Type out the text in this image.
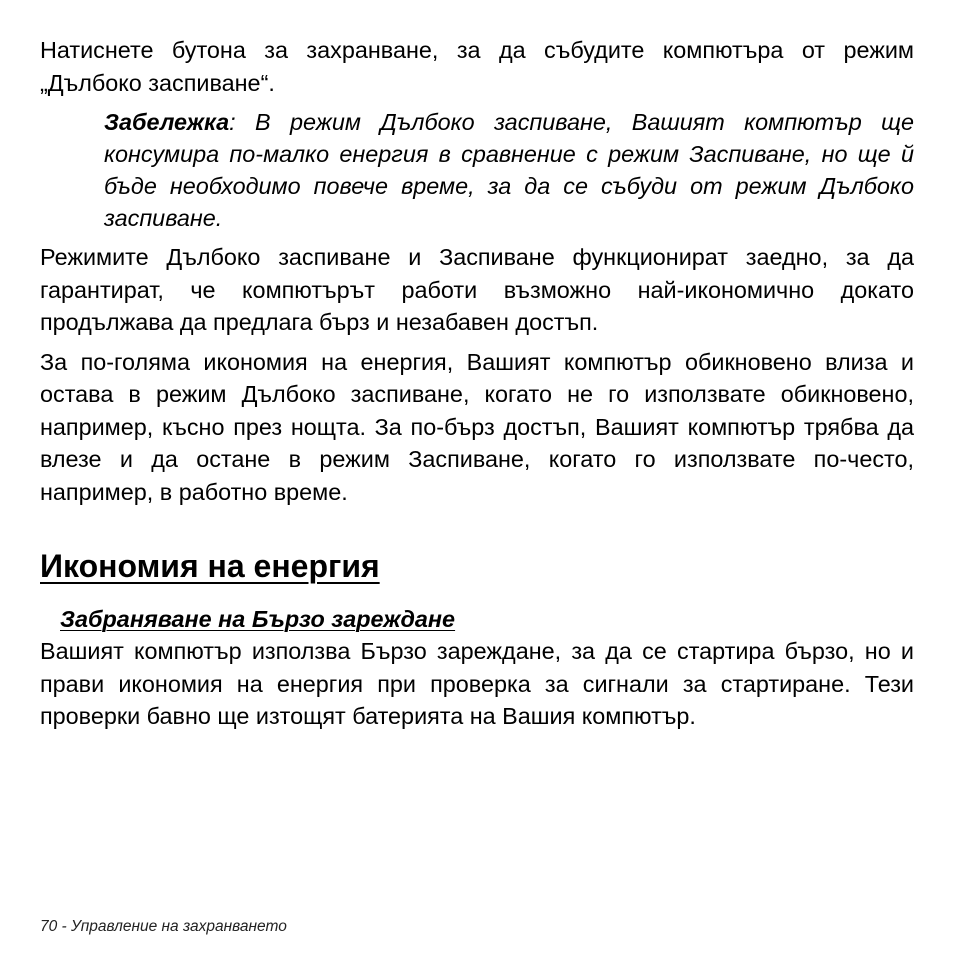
Натиснете бутона за захранване, за да събудите компютъра от режим „Дълбоко заспиване“.

Забележка: В режим Дълбоко заспиване, Вашият компютър ще консумира по-малко енергия в сравнение с режим Заспиване, но ще й бъде необходимо повече време, за да се събуди от режим Дълбоко заспиване.

Режимите Дълбоко заспиване и Заспиване функционират заедно, за да гарантират, че компютърът работи възможно най-икономично докато продължава да предлага бърз и незабавен достъп.

За по-голяма икономия на енергия, Вашият компютър обикновено влиза и остава в режим Дълбоко заспиване, когато не го използвате обикновено, например, късно през нощта. За по-бърз достъп, Вашият компютър трябва да влезе и да остане в режим Заспиване, когато го използвате по-често, например, в работно време.

Икономия на енергия
Забраняване на Бързо зареждане

Вашият компютър използва Бързо зареждане, за да се стартира бързо, но и прави икономия на енергия при проверка за сигнали за стартиране. Тези проверки бавно ще изтощят батерията на Вашия компютър.

70 - Управление на захранването
